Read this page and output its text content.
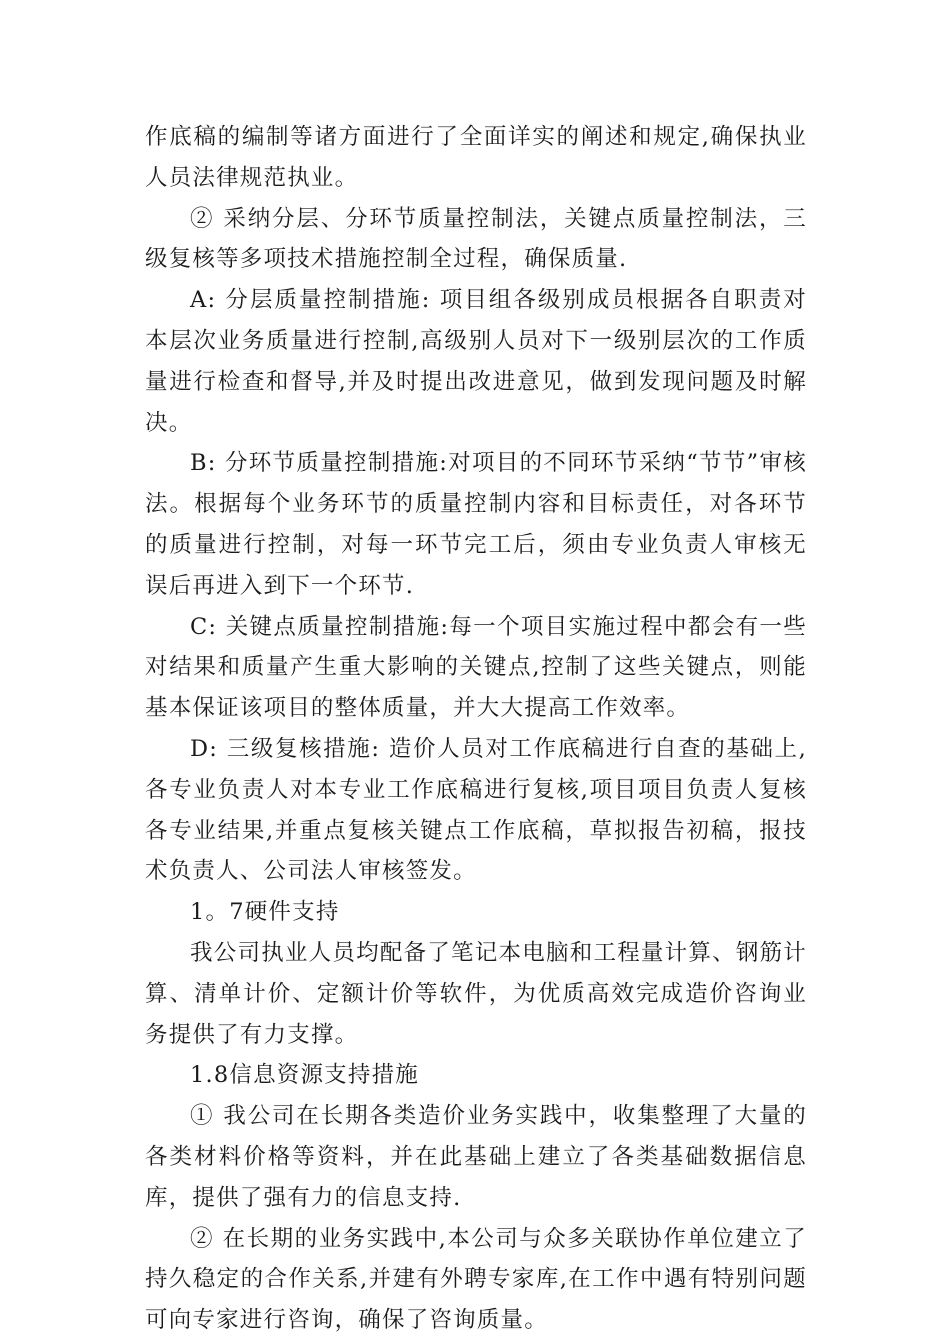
作底稿的编制等诸方面进行了全面详实的阐述和规定,确保执业人员法律规范执业。

② 采纳分层、分环节质量控制法，关键点质量控制法，三级复核等多项技术措施控制全过程，确保质量.

A: 分层质量控制措施: 项目组各级别成员根据各自职责对本层次业务质量进行控制,高级别人员对下一级别层次的工作质量进行检查和督导,并及时提出改进意见，做到发现问题及时解决。

B: 分环节质量控制措施:对项目的不同环节采纳“节节”审核法。根据每个业务环节的质量控制内容和目标责任，对各环节的质量进行控制，对每一环节完工后，须由专业负责人审核无误后再进入到下一个环节.

C: 关键点质量控制措施:每一个项目实施过程中都会有一些对结果和质量产生重大影响的关键点,控制了这些关键点，则能基本保证该项目的整体质量，并大大提高工作效率。

D: 三级复核措施: 造价人员对工作底稿进行自查的基础上,各专业负责人对本专业工作底稿进行复核,项目项目负责人复核各专业结果,并重点复核关键点工作底稿，草拟报告初稿，报技术负责人、公司法人审核签发。

1。7硬件支持

我公司执业人员均配备了笔记本电脑和工程量计算、钢筋计算、清单计价、定额计价等软件，为优质高效完成造价咨询业务提供了有力支撑。

1.8信息资源支持措施

① 我公司在长期各类造价业务实践中，收集整理了大量的各类材料价格等资料，并在此基础上建立了各类基础数据信息库，提供了强有力的信息支持.

② 在长期的业务实践中,本公司与众多关联协作单位建立了持久稳定的合作关系,并建有外聘专家库,在工作中遇有特别问题可向专家进行咨询，确保了咨询质量。
